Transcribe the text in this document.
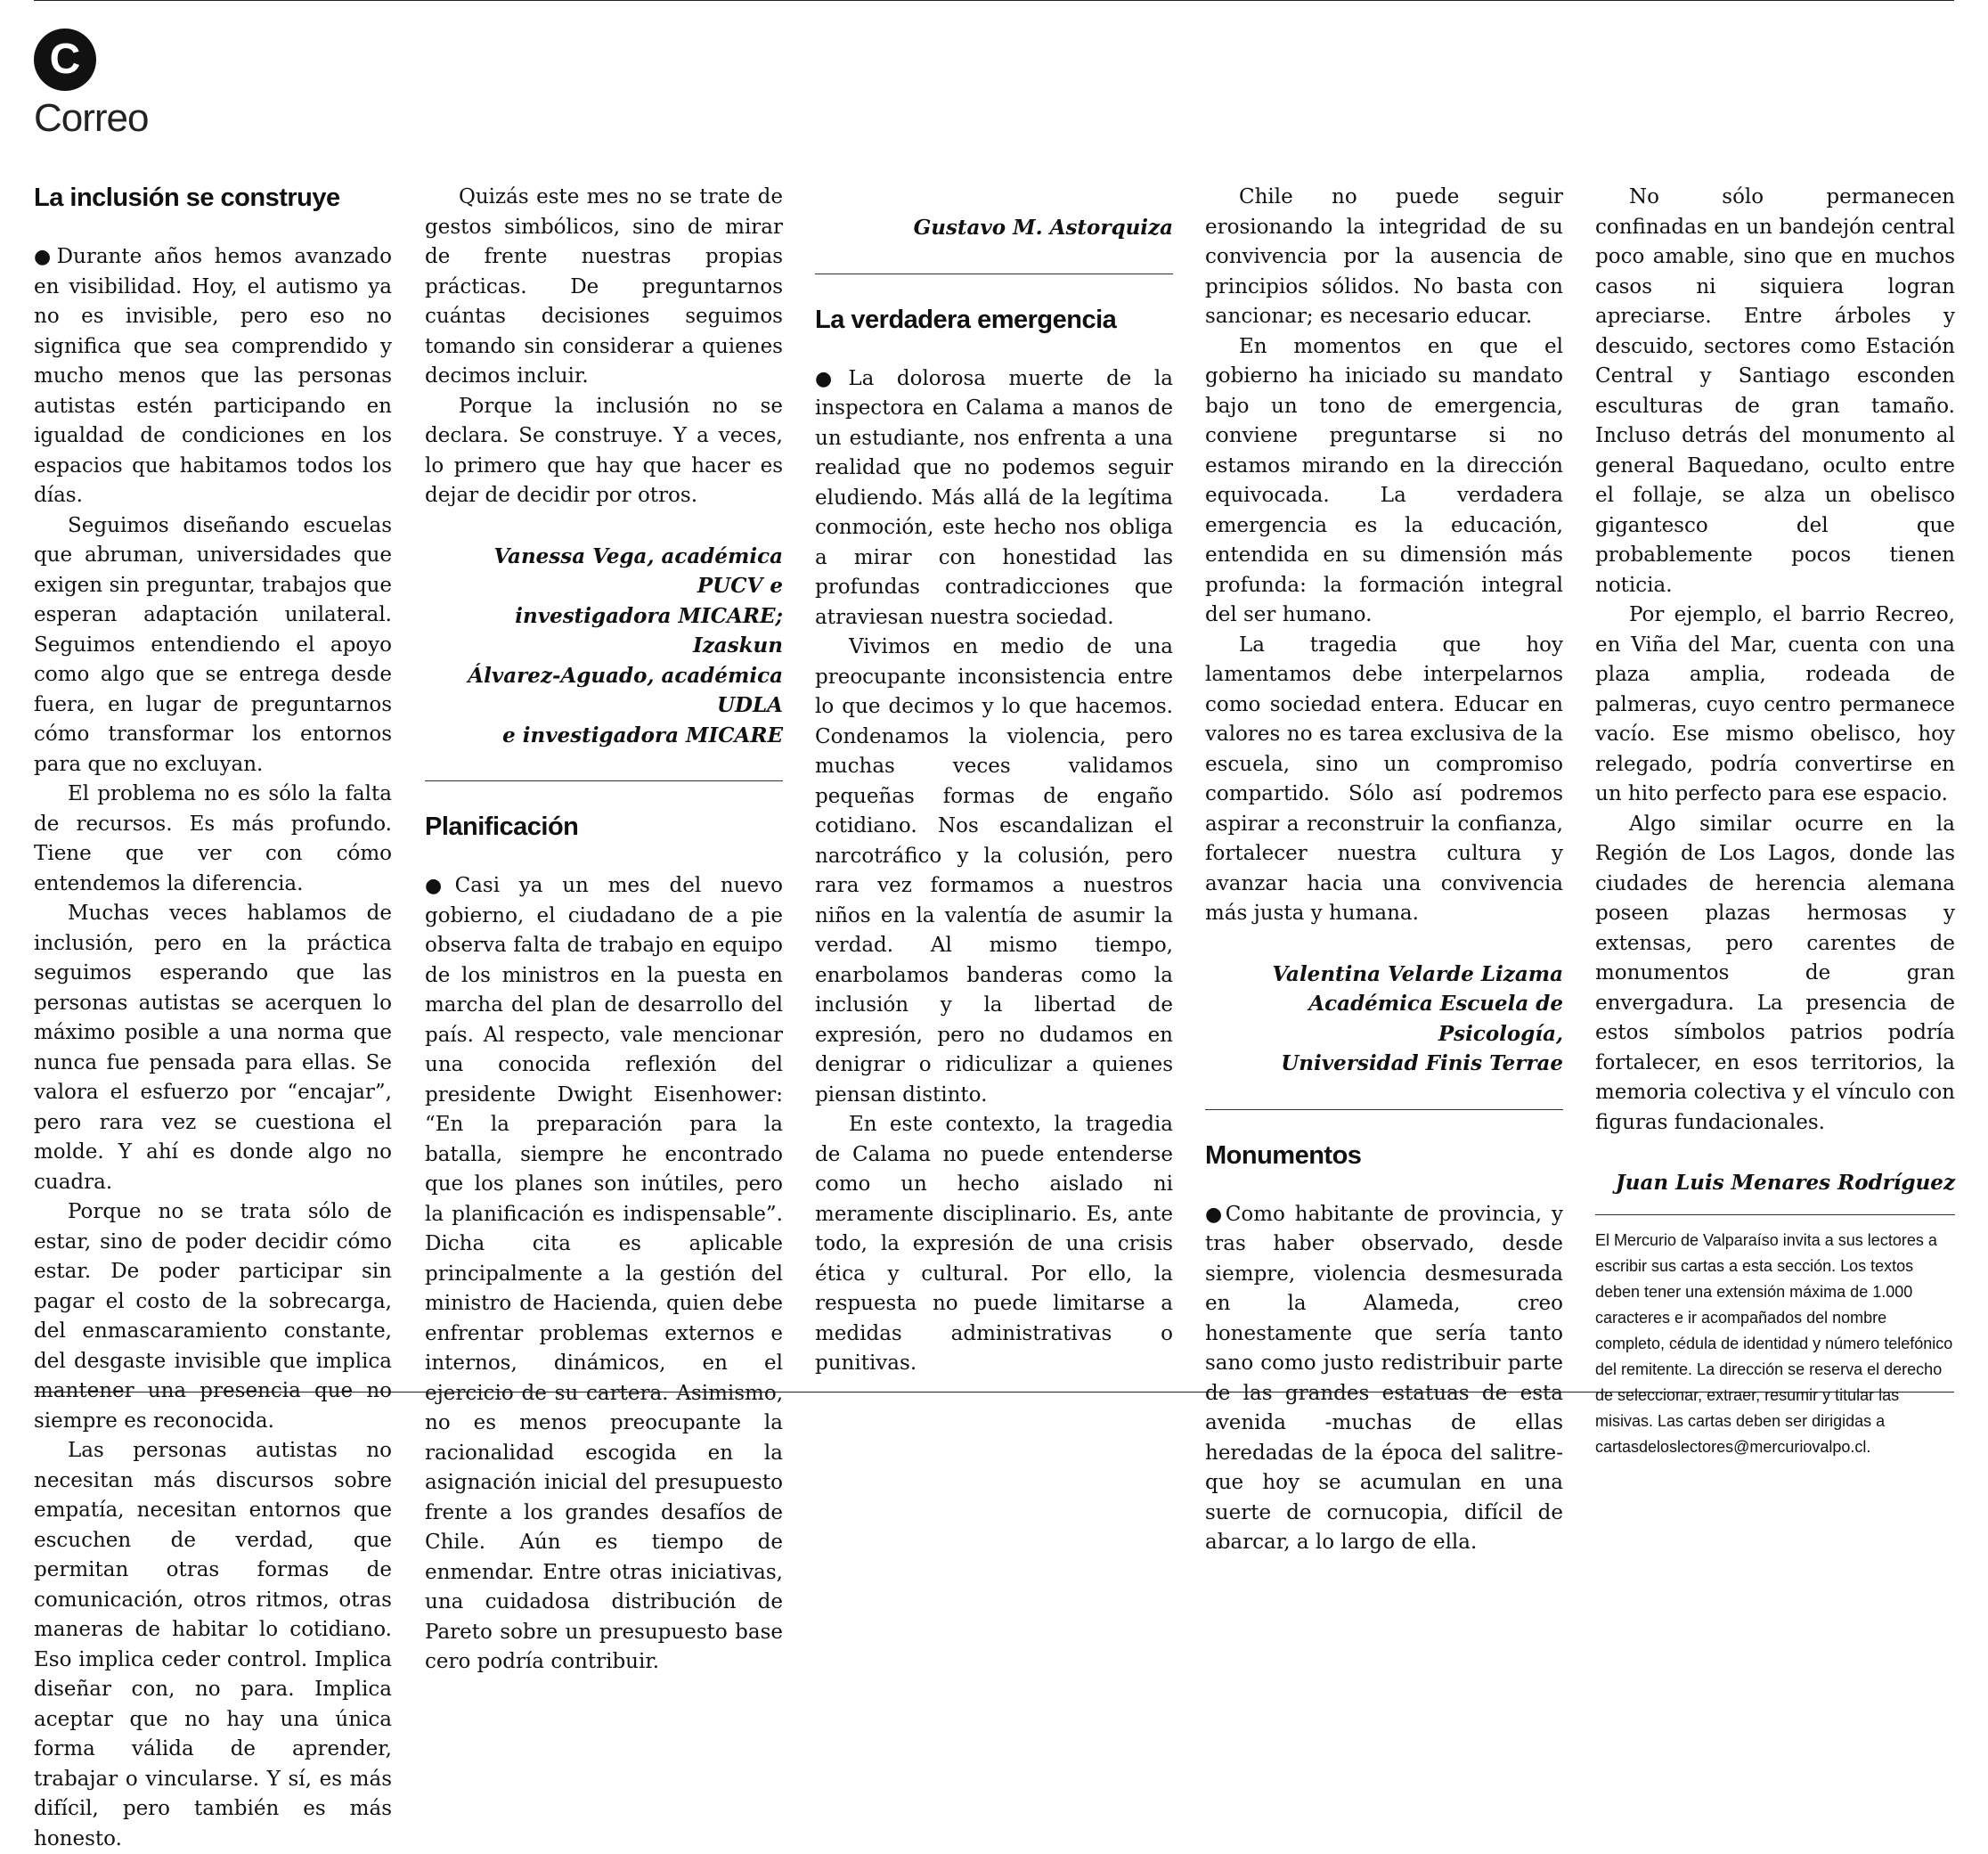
C
Correo
La inclusión se construye

●Durante años hemos avanzado en visibilidad. Hoy, el autismo ya no es invisible, pero eso no significa que sea comprendido y mucho menos que las personas autistas estén participando en igualdad de condiciones en los espacios que habitamos todos los días.

Seguimos diseñando escuelas que abruman, universidades que exigen sin preguntar, trabajos que esperan adaptación unilateral. Seguimos entendiendo el apoyo como algo que se entrega desde fuera, en lugar de preguntarnos cómo transformar los entornos para que no excluyan.

El problema no es sólo la falta de recursos. Es más profundo. Tiene que ver con cómo entendemos la diferencia.

Muchas veces hablamos de inclusión, pero en la práctica seguimos esperando que las personas autistas se acerquen lo máximo posible a una norma que nunca fue pensada para ellas. Se valora el esfuerzo por “encajar”, pero rara vez se cuestiona el molde. Y ahí es donde algo no cuadra.

Porque no se trata sólo de estar, sino de poder decidir cómo estar. De poder participar sin pagar el costo de la sobrecarga, del enmascaramiento constante, del desgaste invisible que implica mantener una presencia que no siempre es reconocida.

Las personas autistas no necesitan más discursos sobre empatía, necesitan entornos que escuchen de verdad, que permitan otras formas de comunicación, otros ritmos, otras maneras de habitar lo cotidiano. Eso implica ceder control. Implica diseñar con, no para. Implica aceptar que no hay una única forma válida de aprender, trabajar o vincularse. Y sí, es más difícil, pero también es más honesto.

Quizás este mes no se trate de gestos simbólicos, sino de mirar de frente nuestras propias prácticas. De preguntarnos cuántas decisiones seguimos tomando sin considerar a quienes decimos incluir.

Porque la inclusión no se declara. Se construye. Y a veces, lo primero que hay que hacer es dejar de decidir por otros.

Vanessa Vega, académica PUCV e
investigadora MICARE; Izaskun
Álvarez-Aguado, académica UDLA
e investigadora MICARE
Planificación

●Casi ya un mes del nuevo gobierno, el ciudadano de a pie observa falta de trabajo en equipo de los ministros en la puesta en marcha del plan de desarrollo del país. Al respecto, vale mencionar una conocida reflexión del presidente Dwight Eisenhower: “En la preparación para la batalla, siempre he encontrado que los planes son inútiles, pero la planificación es indispensable”. Dicha cita es aplicable principalmente a la gestión del ministro de Hacienda, quien debe enfrentar problemas externos e internos, dinámicos, en el ejercicio de su cartera. Asimismo, no es menos preocupante la racionalidad escogida en la asignación inicial del presupuesto frente a los grandes desafíos de Chile. Aún es tiempo de enmendar. Entre otras iniciativas, una cuidadosa distribución de Pareto sobre un presupuesto base cero podría contribuir.

Gustavo M. Astorquiza
La verdadera emergencia

●La dolorosa muerte de la inspectora en Calama a manos de un estudiante, nos enfrenta a una realidad que no podemos seguir eludiendo. Más allá de la legítima conmoción, este hecho nos obliga a mirar con honestidad las profundas contradicciones que atraviesan nuestra sociedad.

Vivimos en medio de una preocupante inconsistencia entre lo que decimos y lo que hacemos. Condenamos la violencia, pero muchas veces validamos pequeñas formas de engaño cotidiano. Nos escandalizan el narcotráfico y la colusión, pero rara vez formamos a nuestros niños en la valentía de asumir la verdad. Al mismo tiempo, enarbolamos banderas como la inclusión y la libertad de expresión, pero no dudamos en denigrar o ridiculizar a quienes piensan distinto.

En este contexto, la tragedia de Calama no puede entenderse como un hecho aislado ni meramente disciplinario. Es, ante todo, la expresión de una crisis ética y cultural. Por ello, la respuesta no puede limitarse a medidas administrativas o punitivas.

Chile no puede seguir erosionando la integridad de su convivencia por la ausencia de principios sólidos. No basta con sancionar; es necesario educar.

En momentos en que el gobierno ha iniciado su mandato bajo un tono de emergencia, conviene preguntarse si no estamos mirando en la dirección equivocada. La verdadera emergencia es la educación, entendida en su dimensión más profunda: la formación integral del ser humano.

La tragedia que hoy lamentamos debe interpelarnos como sociedad entera. Educar en valores no es tarea exclusiva de la escuela, sino un compromiso compartido. Sólo así podremos aspirar a reconstruir la confianza, fortalecer nuestra cultura y avanzar hacia una convivencia más justa y humana.

Valentina Velarde Lizama
Académica Escuela de Psicología,
Universidad Finis Terrae
Monumentos

●Como habitante de provincia, y tras haber observado, desde siempre, violencia desmesurada en la Alameda, creo honestamente que sería tanto sano como justo redistribuir parte de las grandes estatuas de esta avenida -muchas de ellas heredadas de la época del salitre- que hoy se acumulan en una suerte de cornucopia, difícil de abarcar, a lo largo de ella.

No sólo permanecen confinadas en un bandejón central poco amable, sino que en muchos casos ni siquiera logran apreciarse. Entre árboles y descuido, sectores como Estación Central y Santiago esconden esculturas de gran tamaño. Incluso detrás del monumento al general Baquedano, oculto entre el follaje, se alza un obelisco gigantesco del que probablemente pocos tienen noticia.

Por ejemplo, el barrio Recreo, en Viña del Mar, cuenta con una plaza amplia, rodeada de palmeras, cuyo centro permanece vacío. Ese mismo obelisco, hoy relegado, podría convertirse en un hito perfecto para ese espacio.

Algo similar ocurre en la Región de Los Lagos, donde las ciudades de herencia alemana poseen plazas hermosas y extensas, pero carentes de monumentos de gran envergadura. La presencia de estos símbolos patrios podría fortalecer, en esos territorios, la memoria colectiva y el vínculo con figuras fundacionales.

Juan Luis Menares Rodríguez
El Mercurio de Valparaíso invita a sus lectores a escribir sus cartas a esta sección. Los textos deben tener una extensión máxima de 1.000 caracteres e ir acompañados del nombre completo, cédula de identidad y número telefónico del remitente. La dirección se reserva el derecho de seleccionar, extraer, resumir y titular las misivas. Las cartas deben ser dirigidas a cartasdeloslectores@mercuriovalpo.cl.
